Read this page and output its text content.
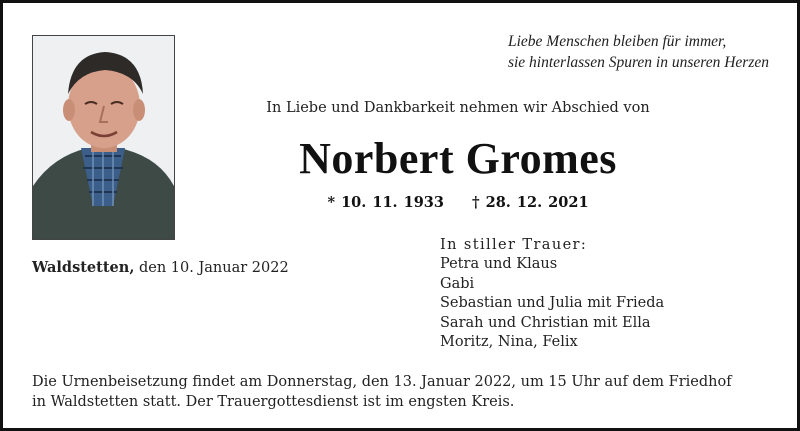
Liebe Menschen bleiben für immer,
sie hinterlassen Spuren in unseren Herzen
In Liebe und Dankbarkeit nehmen wir Abschied von
Norbert Gromes
* 10. 11. 1933 † 28. 12. 2021
Waldstetten, den 10. Januar 2022
In stiller Trauer:
Petra und Klaus
Gabi
Sebastian und Julia mit Frieda
Sarah und Christian mit Ella
Moritz, Nina, Felix
Die Urnenbeisetzung findet am Donnerstag, den 13. Januar 2022, um 15 Uhr auf dem Friedhof
in Waldstetten statt. Der Trauergottesdienst ist im engsten Kreis.
